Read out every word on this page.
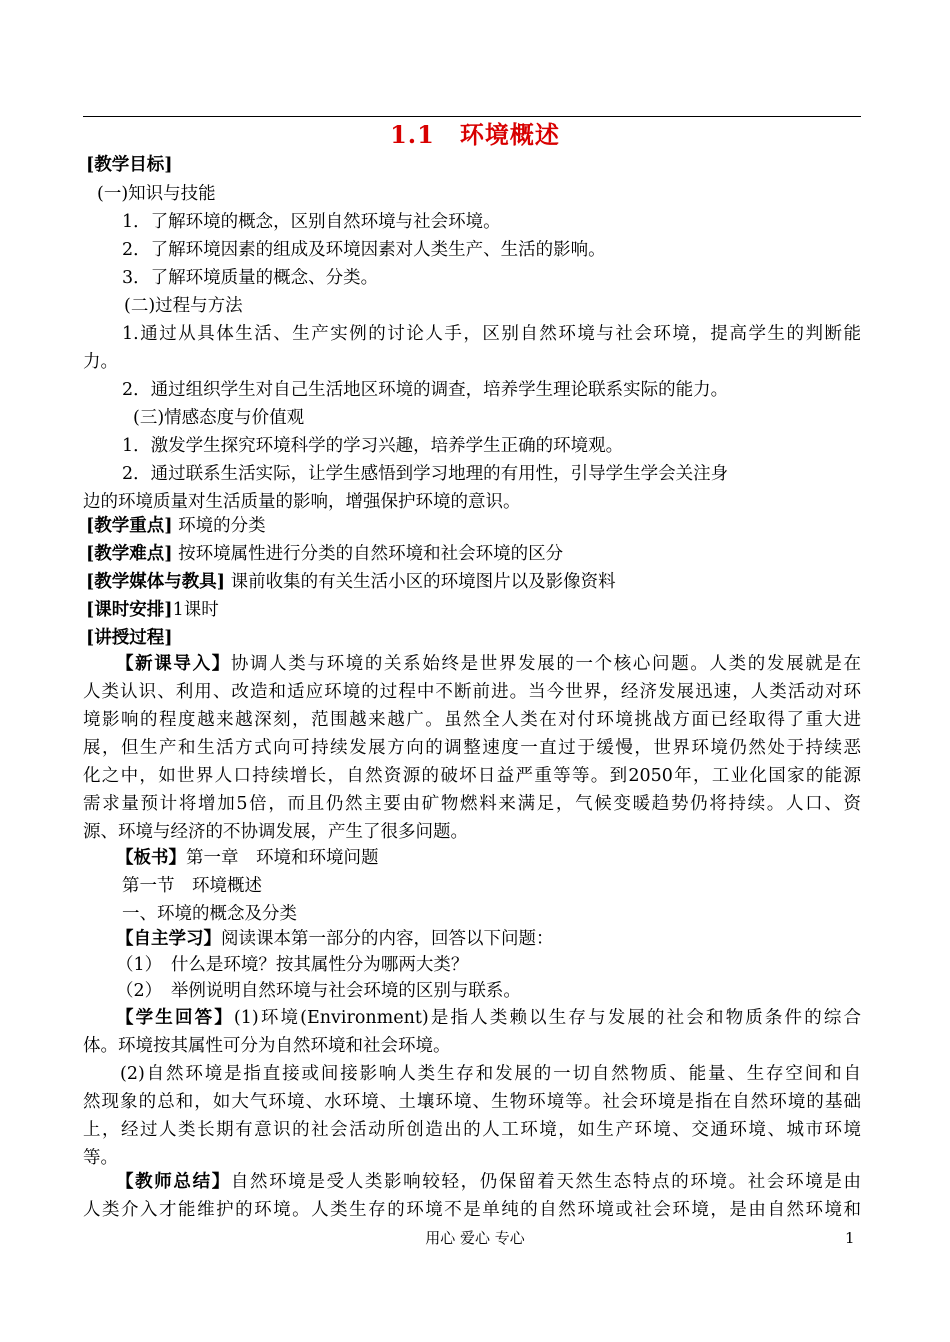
1.1　环境概述
[教学目标]
(一)知识与技能
1．了解环境的概念，区别自然环境与社会环境。
2．了解环境因素的组成及环境因素对人类生产、生活的影响。
3．了解环境质量的概念、分类。
(二)过程与方法
1.通过从具体生活、生产实例的讨论人手，区别自然环境与社会环境，提高学生的判断能
力。
2．通过组织学生对自己生活地区环境的调查，培养学生理论联系实际的能力。
(三)情感态度与价值观
1．激发学生探究环境科学的学习兴趣，培养学生正确的环境观。
2．通过联系生活实际，让学生感悟到学习地理的有用性，引导学生学会关注身
边的环境质量对生活质量的影响，增强保护环境的意识。
[教学重点] 环境的分类
[教学难点] 按环境属性进行分类的自然环境和社会环境的区分
[教学媒体与教具] 课前收集的有关生活小区的环境图片以及影像资料
[课时安排]1课时
[讲授过程]
【新课导入】协调人类与环境的关系始终是世界发展的一个核心问题。人类的发展就是在
人类认识、利用、改造和适应环境的过程中不断前进。当今世界，经济发展迅速，人类活动对环
境影响的程度越来越深刻，范围越来越广。虽然全人类在对付环境挑战方面已经取得了重大进
展，但生产和生活方式向可持续发展方向的调整速度一直过于缓慢，世界环境仍然处于持续恶
化之中，如世界人口持续增长，自然资源的破坏日益严重等等。到2050年，工业化国家的能源
需求量预计将增加5倍，而且仍然主要由矿物燃料来满足，气候变暖趋势仍将持续。人口、资
源、环境与经济的不协调发展，产生了很多问题。
【板书】第一章　环境和环境问题
第一节　环境概述
一、环境的概念及分类
【自主学习】阅读课本第一部分的内容，回答以下问题：
（1）　什么是环境？按其属性分为哪两大类？
（2）　举例说明自然环境与社会环境的区别与联系。
【学生回答】(1)环境(Environment)是指人类赖以生存与发展的社会和物质条件的综合
体。环境按其属性可分为自然环境和社会环境。
(2)自然环境是指直接或间接影响人类生存和发展的一切自然物质、能量、生存空间和自
然现象的总和，如大气环境、水环境、土壤环境、生物环境等。社会环境是指在自然环境的基础
上，经过人类长期有意识的社会活动所创造出的人工环境，如生产环境、交通环境、城市环境
等。
【教师总结】自然环境是受人类影响较轻，仍保留着天然生态特点的环境。社会环境是由
人类介入才能维护的环境。人类生存的环境不是单纯的自然环境或社会环境，是由自然环境和
用心 爱心 专心	1
